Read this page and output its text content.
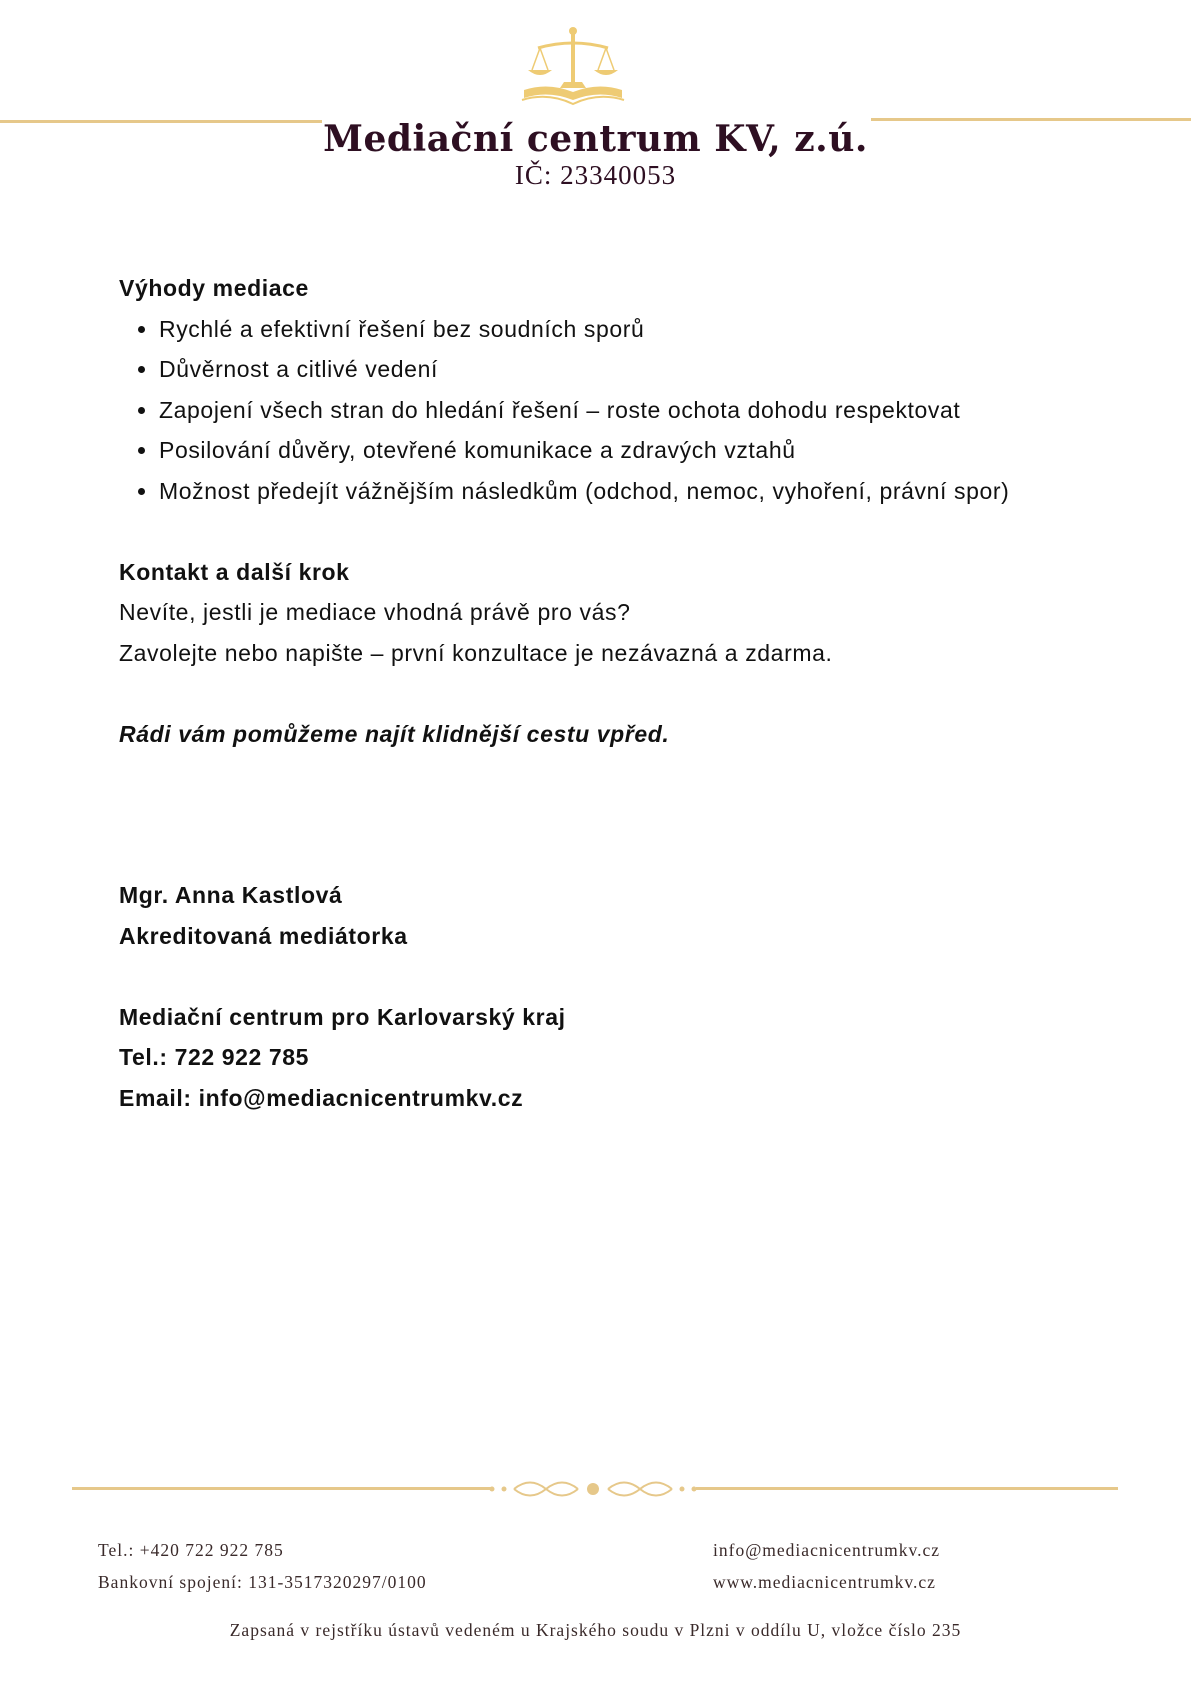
Mediační centrum KV, z.ú.
IČ: 23340053

Výhody mediace

• Rychlé a efektivní řešení bez soudních sporů
• Důvěrnost a citlivé vedení
• Zapojení všech stran do hledání řešení – roste ochota dohodu respektovat
• Posilování důvěry, otevřené komunikace a zdravých vztahů
• Možnost předejít vážnějším následkům (odchod, nemoc, vyhoření, právní spor)

Kontakt a další krok

Nevíte, jestli je mediace vhodná právě pro vás?

Zavolejte nebo napište – první konzultace je nezávazná a zdarma.

Rádi vám pomůžeme najít klidnější cestu vpřed.

Mgr. Anna Kastlová

Akreditovaná mediátorka

Mediační centrum pro Karlovarský kraj

Tel.: 722 922 785

Email: info@mediacnicentrumkv.cz

Tel.: +420 722 922 785
Bankovní spojení: 131-3517320297/0100
info@mediacnicentrumkv.cz
www.mediacnicentrumkv.cz
Zapsaná v rejstříku ústavů vedeném u Krajského soudu v Plzni v oddílu U, vložce číslo 235
